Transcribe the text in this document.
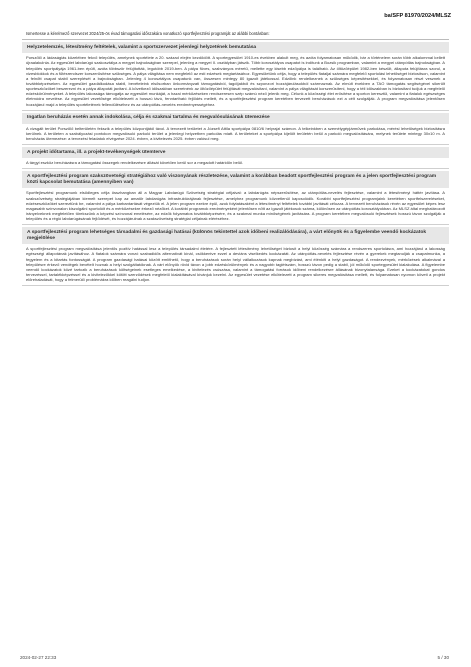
ba/SFP 81970/2024/MLSZ
Ismertesse a kérelmező szervezet 2024/25-ös évad támogatási időszakára vonatkozó sportfejlesztési programját az alábbi bontásban:
Helyzetelemzés, létesítmény feltételek, valamint a sportszervezet jelenlegi helyzetének bemutatása
Porszőlő a Iádaságiás közelében fekvő település, amelynek sportélete a 20. század elején kezdődött. A sportegyesület 1910-es években alakult meg, és azóta folyamatosan működik, bár a történelem során több alkalommal kellett újraalakulnia. Az egyesület labdarúgó szakosztálya a megyei bajnokságban szerepel, jelenleg a megyei II. osztályban játszik. Több korosztályos csapatot is indítunk a Bozsik programban, valamint a megyei utánpótlás bajnokságban. A település sportpályája 1961-ben épült, azóta többször felújították, legutóbb 2019-ben. A pálya füves, szabványos méretű, mellette egy kisebb edzőpálya is található. Az öltözőépület 1982-ben készült, állapota felújításra szorul, a vizesblokkok és a fűtésrendszer korszerűsítése szükséges. A pálya világítása nem megfelelő az esti edzések megtartásához. Egyesületünk célja, hogy a település fiataljai számára megfelelő sportolási lehetőséget biztosítson, valamint a felnőtt csapat stabil szereplését a bajnokságban. Jelenleg 4 korosztályos csapatunk van, összesen mintegy 80 igazolt játékossal. Edzőink rendelkeznek a szükséges képesítésekkel, és folyamatosan részt vesznek a továbbképzéseken. Az egyesület gazdálkodása stabil, bevételeink elsősorban önkormányzati támogatásból, tagdíjakból és szponzori hozzájárulásokból származnak. Az elmúlt években a TAO támogatás segítségével sikerült sporteszközöket beszerezni és a pálya állapotát javítani. A következő időszakban szeretnénk az öltözőépület felújítását megvalósítani, valamint a pálya világítását korszerűsíteni, hogy a téli időszakban is biztosítani tudjuk a megfelelő edzéskörülményeket. A település lakossága támogatja az egyesület munkáját, a hazai mérkőzéseken rendszeresen szép számú néző jelenik meg. Célunk a közösségi élet erősítése a sporton keresztül, valamint a fiatalok egészséges életmódra nevelése. Az egyesület vezetősége elkötelezett a hosszú távú, fenntartható fejlődés mellett, és a sportfejlesztési program keretében tervezett beruházások ezt a célt szolgálják. A program megvalósítása jelentősen hozzájárul majd a település sportéletének fellendüléséhez és az utánpótlás-nevelés eredményességéhez.
Ingatlan beruházás esetén annak indokolása, célja és szakmai tartalma és megvalósulásának ütemezése
A vizsgált terület Porszőlő belterületén fekszik a település központjától távol. A tervezett területet a Józsefi Attila sportpálya 0810/6 helyrajzi számon. A telkeinkben a személygépjárművek parkolása, mérési lehetőségek biztosításra kerülnek. A területen a szabályozási pontokon megvalósuló parkoló terület a jelenlegi helyzetben parkolás miatt. A területeket a sportpálya kijelölt területén belül a parkoló megvalósítására, melynek területe mintegy 30x10 m. A beruházás ütemezése: a tervezési feladatok elvégzése 2024. évben, a kivitelezés 2025. évben valósul meg.
A projekt időtartama, ill. a projekt-tevékenységek ütemterve
A tárgyi eszköz beruházásra a támogatási összegek rendelkezésre állását követően kerül sor a megadott határidőn belül.
A sportfejlesztési program szakszövetségi stratégiához való viszonyának részletezése, valamint a korábban beadott sportfejlesztési program és a jelen sportfejlesztési program közti kapcsolat bemutatása (amennyiben van)
Sportfejlesztési programunk elsődleges célja összhangban áll a Magyar Labdarúgó Szövetség stratégiai céljaival: a labdarúgás népszerűsítése, az utánpótlás-nevelés fejlesztése, valamint a létesítményi háttér javítása. A szakszövetség stratégiájában kiemelt szerepet kap az amatőr labdarúgás infrastruktúrájának fejlesztése, amelyhez programunk közvetlenül kapcsolódik. Korábbi sportfejlesztési programjaink keretében sportfelszereléseket, edzéseszközöket szereztünk be, valamint a pálya karbantartását végeztük el. A jelen program ezekre épül, azok folytatásaként a létesítményi feltételek további javítását célozza. A tervezett beruházások révén az egyesület képes lesz magasabb színvonalon kiszolgálni sportolóit és a mérkőzésekre érkező nézőket. A korábbi programok eredményeként jelentősen nőtt az igazolt játékosok száma, különösen az utánpótlás korosztályokban. Az MLSZ által meghatározott irányelveknek megfelelően törekszünk a képzési színvonal emelésére, az edzők folyamatos továbbképzésére, és a szakmai munka minőségének javítására. A program keretében megvalósuló fejlesztések hosszú távon szolgálják a település és a régió labdarúgásának fejlődését, és hozzájárulnak a szakszövetség stratégiai céljainak eléréséhez.
A sportfejlesztési program lehetséges társadalmi és gazdasági hatásai (különös tekintettel azok időbeni realizálódására), a várt előnyök és a figyelembe veendő kockázatok megjelölése
A sportfejlesztési program megvalósítása jelentős pozitív hatással lesz a település társadalmi életére. A fejlesztett létesítmény lehetőséget biztosít a helyi közösség számára a rendszeres sportolásra, ami hozzájárul a lakosság egészségi állapotának javításához. A fiatalok számára vonzó szabadidős alternatívát kínál, csökkentve ezzel a deviáns viselkedés kockázatát. Az utánpótlás-nevelés fejlesztése révén a gyerekek megtanulják a csapatmunka, a fegyelem és a kitartás fontosságát. A program gazdasági hatásai között említhető, hogy a beruházások során helyi vállalkozások kapnak megbízást, ami élénkíti a helyi gazdaságot. A rendezvények, mérkőzések alkalmával a településre érkező vendégek bevételt hoznak a helyi szolgáltatóknak. A várt előnyök rövid távon a jobb edzéskörülmények és a nagyobb taglétszám, hosszú távon pedig a stabil, jól működő sportegyesület kialakulása. A figyelembe veendő kockázatok közé tartozik a beruházások költségeinek esetleges emelkedése, a kivitelezés csúszása, valamint a támogatási források időbeni rendelkezésre állásának bizonytalansága. Ezeket a kockázatokat gondos tervezéssel, tartalékképzéssel és a kivitelezőkkel kötött szerződések megfelelő kialakításával kívánjuk kezelni. Az egyesület vezetése elkötelezett a program sikeres megvalósítása mellett, és folyamatosan nyomon követi a projekt előrehaladását, hogy a felmerülő problémákra időben reagálni tudjon.
2024-02-27 22:33	5 / 30
